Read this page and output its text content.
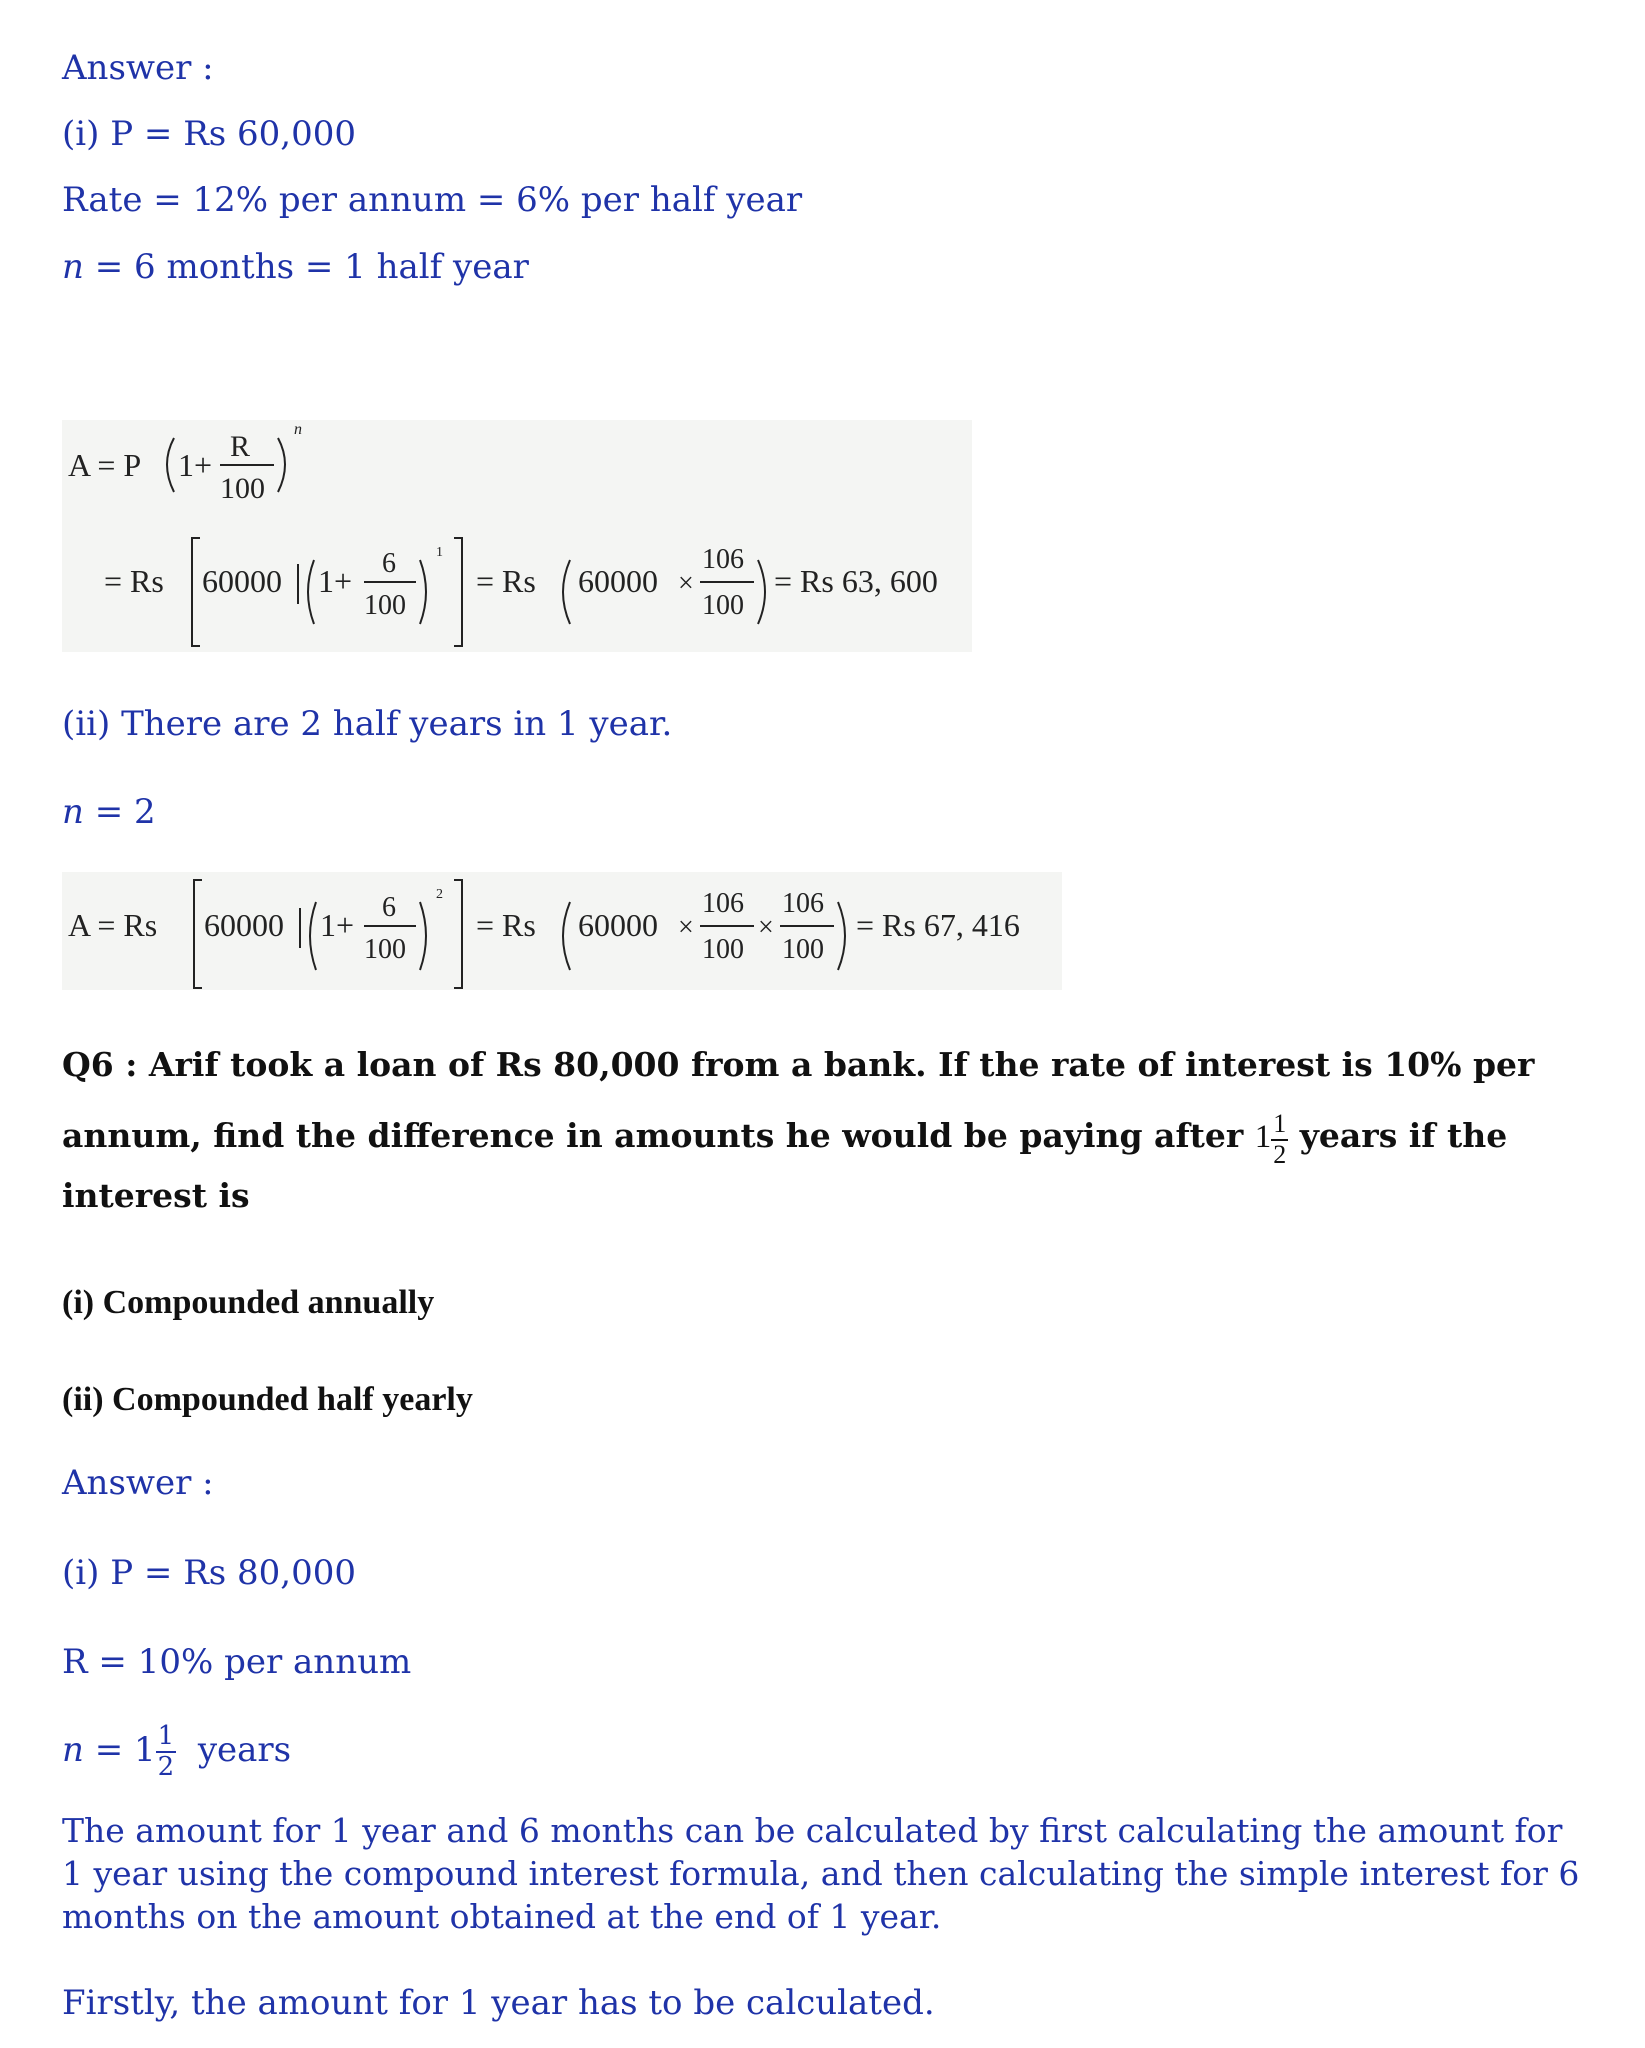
Answer :
(i) P = Rs 60,000
Rate = 12% per annum = 6% per half year
n = 6 months = 1 half year
A = P 1+
R
100
n
= Rs 60000 1+ 6
100
1
= Rs 60000 ×
106
100
= Rs 63, 600
(ii) There are 2 half years in 1 year.
n = 2
A = Rs 60000 1+ 6
100
2
= Rs 60000 ×
106
100
×
106
100
= Rs 67, 416
Q6 : Arif took a loan of Rs 80,000 from a bank. If the rate of interest is 10% per
annum, find the difference in amounts he would be paying after $1 \frac{1}{2}$ years if the
interest is
(i) Compounded annually
(ii) Compounded half yearly
Answer :
(i) P = Rs 80,000
R = 10% per annum
$n = 1 \frac{1}{2}$ years
The amount for 1 year and 6 months can be calculated by first calculating the amount for 1 year using the compound interest formula, and then calculating the simple interest for 6 months on the amount obtained at the end of 1 year.
Firstly, the amount for 1 year has to be calculated.
